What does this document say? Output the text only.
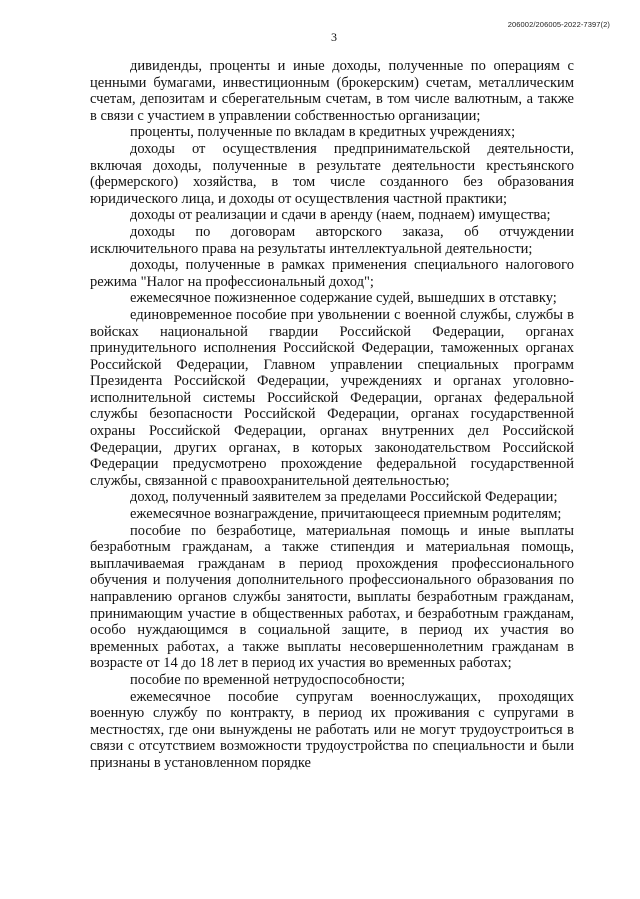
206002/206005-2022-7397(2)
3

дивиденды, проценты и иные доходы, полученные по операциям с ценными бумагами, инвестиционным (брокерским) счетам, металлическим счетам, депозитам и сберегательным счетам, в том числе валютным, а также в связи с участием в управлении собственностью организации;

проценты, полученные по вкладам в кредитных учреждениях;

доходы от осуществления предпринимательской деятельности, включая доходы, полученные в результате деятельности крестьянского (фермерского) хозяйства, в том числе созданного без образования юридического лица, и доходы от осуществления частной практики;

доходы от реализации и сдачи в аренду (наем, поднаем) имущества;

доходы по договорам авторского заказа, об отчуждении исключительного права на результаты интеллектуальной деятельности;

доходы, полученные в рамках применения специального налогового режима "Налог на профессиональный доход";

ежемесячное пожизненное содержание судей, вышедших в отставку;

единовременное пособие при увольнении с военной службы, службы в войсках национальной гвардии Российской Федерации, органах принудительного исполнения Российской Федерации, таможенных органах Российской Федерации, Главном управлении специальных программ Президента Российской Федерации, учреждениях и органах уголовно-исполнительной системы Российской Федерации, органах федеральной службы безопасности Российской Федерации, органах государственной охраны Российской Федерации, органах внутренних дел Российской Федерации, других органах, в которых законодательством Российской Федерации предусмотрено прохождение федеральной государственной службы, связанной с правоохранительной деятельностью;

доход, полученный заявителем за пределами Российской Федерации;

ежемесячное вознаграждение, причитающееся приемным родителям;

пособие по безработице, материальная помощь и иные выплаты безработным гражданам, а также стипендия и материальная помощь, выплачиваемая гражданам в период прохождения профессионального обучения и получения дополнительного профессионального образования по направлению органов службы занятости, выплаты безработным гражданам, принимающим участие в общественных работах, и безработным гражданам, особо нуждающимся в социальной защите, в период их участия во временных работах, а также выплаты несовершеннолетним гражданам в возрасте от 14 до 18 лет в период их участия во временных работах;

пособие по временной нетрудоспособности;

ежемесячное пособие супругам военнослужащих, проходящих военную службу по контракту, в период их проживания с супругами в местностях, где они вынуждены не работать или не могут трудоустроиться в связи с отсутствием возможности трудоустройства по специальности и были признаны в установленном порядке
